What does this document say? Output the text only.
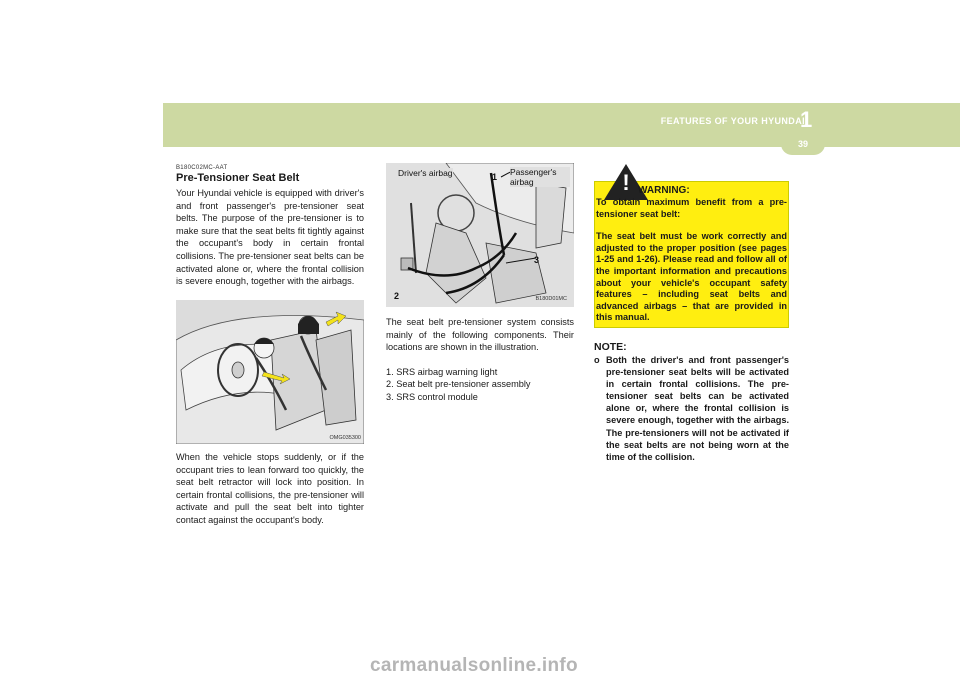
FEATURES OF YOUR HYUNDAI
1
39
B180C02MC-AAT
Pre-Tensioner Seat Belt
Your Hyundai vehicle is equipped with driver's and front passenger's pre-tensioner seat belts. The purpose of the pre-tensioner is to make sure that the seat belts fit tightly against the occupant's body in certain frontal collisions. The pre-tensioner seat belts can be activated alone or, where the frontal collision is severe enough, together with the airbags.
OMG035300
When the vehicle stops suddenly, or if the occupant tries to lean forward too quickly, the seat belt retractor will lock into position. In certain frontal collisions, the pre-tensioner will activate and pull the seat belt into tighter contact against the occupant's body.
Driver's airbag	Passenger's airbag
1
2
3
B180D01MC
The seat belt pre-tensioner system consists mainly of the following components. Their locations are shown in the illustration.
1. SRS airbag warning light
2. Seat belt pre-tensioner assembly
3. SRS control module
! WARNING:

To obtain maximum benefit from a pre-tensioner seat belt:

The seat belt must be work correctly and adjusted to the proper position (see pages 1-25 and 1-26). Please read and follow all of the important information and precautions about your vehicle's occupant safety features – including seat belts and advanced airbags – that are provided in this manual.

NOTE:
o Both the driver's and front passenger's pre-tensioner seat belts will be activated in certain frontal collisions. The pre-tensioner seat belts can be activated alone or, where the frontal collision is severe enough, together with the airbags. The pre-tensioners will not be activated if the seat belts are not being worn at the time of the collision.
carmanualsonline.info
